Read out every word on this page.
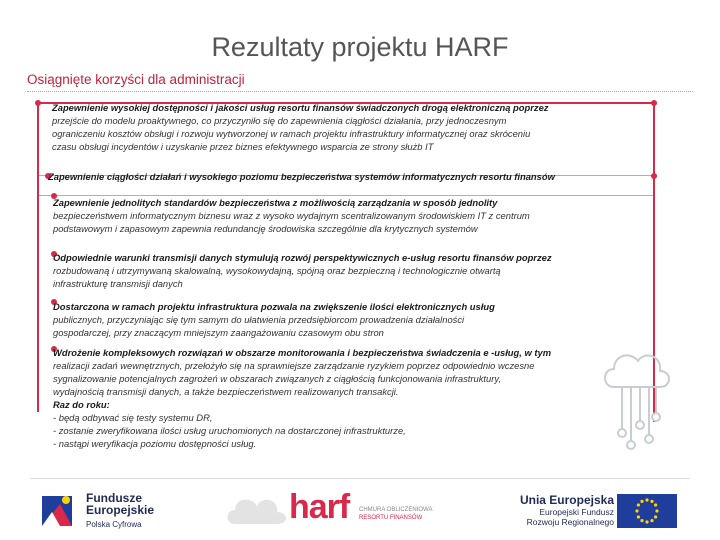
Rezultaty projektu HARF
Osiągnięte korzyści dla administracji
Zapewnienie wysokiej dostępności i jakości usług resortu finansów świadczonych drogą elektroniczną poprzez
przejście do modelu proaktywnego, co przyczyniło się do zapewnienia ciągłości działania, przy jednoczesnym
ograniczeniu kosztów obsługi i rozwoju wytworzonej w ramach projektu infrastruktury informatycznej oraz skróceniu
czasu obsługi incydentów i uzyskanie przez biznes efektywnego wsparcia ze strony służb IT
Zapewnienie ciągłości działań i wysokiego poziomu bezpieczeństwa systemów informatycznych resortu finansów
Zapewnienie jednolitych standardów bezpieczeństwa z możliwością zarządzania w sposób jednolity
bezpieczeństwem informatycznym biznesu wraz z wysoko wydajnym scentralizowanym środowiskiem IT z centrum
podstawowym i zapasowym zapewnia redundancję środowiska szczególnie dla krytycznych systemów
Odpowiednie warunki transmisji danych stymulują rozwój perspektywicznych e-usług resortu finansów poprzez
rozbudowaną i utrzymywaną skalowalną, wysokowydajną, spójną oraz bezpieczną i technologicznie otwartą
infrastrukturę transmisji danych
Dostarczona w ramach projektu infrastruktura pozwala na zwiększenie ilości elektronicznych usług
publicznych, przyczyniając się tym samym do ułatwienia przedsiębiorcom prowadzenia działalności
gospodarczej, przy znaczącym mniejszym zaangażowaniu czasowym obu stron
Wdrożenie kompleksowych rozwiązań w obszarze monitorowania i bezpieczeństwa świadczenia e -usług, w tym
realizacji zadań wewnętrznych, przełożyło się na sprawniejsze zarządzanie ryzykiem poprzez odpowiednio wczesne
sygnalizowanie potencjalnych zagrożeń w obszarach związanych z ciągłością funkcjonowania infrastruktury,
wydajnością transmisji danych, a także bezpieczeństwem realizowanych transakcji.
Raz do roku:
- będą odbywać się testy systemu DR,
- zostanie zweryfikowana ilości usług uruchomionych na dostarczonej infrastrukturze,
- nastąpi weryfikacja poziomu dostępności usług.
Fundusze
Europejskie
Polska Cyfrowa	harf CHMURA OBLICZENIOWA
RESORTU FINANSÓW
Unia Europejska
Europejski Fundusz
Rozwoju Regionalnego
